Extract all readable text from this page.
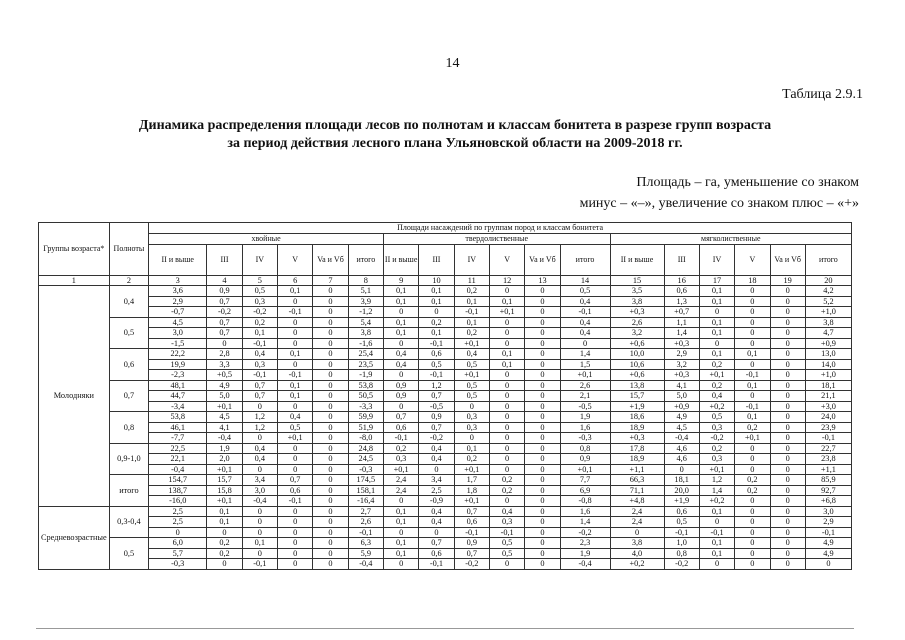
14
Таблица 2.9.1
Динамика распределения площади лесов по полнотам и классам бонитета в разрезе групп возраста
за период действия лесного плана Ульяновской области на 2009-2018 гг.
Площадь – га, уменьшение со знаком
минус – «–», увеличение со знаком плюс – «+»
Группы возраста*	Полноты	Площади насаждений по группам пород и классам бонитета																	
		хвойные						твердолиственные						мягколиственные					
		II и выше	III	IV	V	Va и Vб	итого	II и выше	III	IV	V	Va и Vб	итого	II и выше	III	IV	V	Va и Vб	итого
1	2	3	4	5	6	7	8	9	10	11	12	13	14	15	16	17	18	19	20
Молодняки	0,4	3,6	0,9	0,5	0,1	0	5,1	0,1	0,1	0,2	0	0	0,5	3,5	0,6	0,1	0	0	4,2
		2,9	0,7	0,3	0	0	3,9	0,1	0,1	0,1	0,1	0	0,4	3,8	1,3	0,1	0	0	5,2
		-0,7	-0,2	-0,2	-0,1	0	-1,2	0	0	-0,1	+0,1	0	-0,1	+0,3	+0,7	0	0	0	+1,0
	0,5	4,5	0,7	0,2	0	0	5,4	0,1	0,2	0,1	0	0	0,4	2,6	1,1	0,1	0	0	3,8
		3,0	0,7	0,1	0	0	3,8	0,1	0,1	0,2	0	0	0,4	3,2	1,4	0,1	0	0	4,7
		-1,5	0	-0,1	0	0	-1,6	0	-0,1	+0,1	0	0	0	+0,6	+0,3	0	0	0	+0,9
	0,6	22,2	2,8	0,4	0,1	0	25,4	0,4	0,6	0,4	0,1	0	1,4	10,0	2,9	0,1	0,1	0	13,0
		19,9	3,3	0,3	0	0	23,5	0,4	0,5	0,5	0,1	0	1,5	10,6	3,2	0,2	0	0	14,0
		-2,3	+0,5	-0,1	-0,1	0	-1,9	0	-0,1	+0,1	0	0	+0,1	+0,6	+0,3	+0,1	-0,1	0	+1,0
	0,7	48,1	4,9	0,7	0,1	0	53,8	0,9	1,2	0,5	0	0	2,6	13,8	4,1	0,2	0,1	0	18,1
		44,7	5,0	0,7	0,1	0	50,5	0,9	0,7	0,5	0	0	2,1	15,7	5,0	0,4	0	0	21,1
		-3,4	+0,1	0	0	0	-3,3	0	-0,5	0	0	0	-0,5	+1,9	+0,9	+0,2	-0,1	0	+3,0
	0,8	53,8	4,5	1,2	0,4	0	59,9	0,7	0,9	0,3	0	0	1,9	18,6	4,9	0,5	0,1	0	24,0
		46,1	4,1	1,2	0,5	0	51,9	0,6	0,7	0,3	0	0	1,6	18,9	4,5	0,3	0,2	0	23,9
		-7,7	-0,4	0	+0,1	0	-8,0	-0,1	-0,2	0	0	0	-0,3	+0,3	-0,4	-0,2	+0,1	0	-0,1
	0,9-1,0	22,5	1,9	0,4	0	0	24,8	0,2	0,4	0,1	0	0	0,8	17,8	4,6	0,2	0	0	22,7
		22,1	2,0	0,4	0	0	24,5	0,3	0,4	0,2	0	0	0,9	18,9	4,6	0,3	0	0	23,8
		-0,4	+0,1	0	0	0	-0,3	+0,1	0	+0,1	0	0	+0,1	+1,1	0	+0,1	0	0	+1,1
	итого	154,7	15,7	3,4	0,7	0	174,5	2,4	3,4	1,7	0,2	0	7,7	66,3	18,1	1,2	0,2	0	85,9
		138,7	15,8	3,0	0,6	0	158,1	2,4	2,5	1,8	0,2	0	6,9	71,1	20,0	1,4	0,2	0	92,7
		-16,0	+0,1	-0,4	-0,1	0	-16,4	0	-0,9	+0,1	0	0	-0,8	+4,8	+1,9	+0,2	0	0	+6,8
Средневозрастные	0,3-0,4	2,5	0,1	0	0	0	2,7	0,1	0,4	0,7	0,4	0	1,6	2,4	0,6	0,1	0	0	3,0
		2,5	0,1	0	0	0	2,6	0,1	0,4	0,6	0,3	0	1,4	2,4	0,5	0	0	0	2,9
		0	0	0	0	0	-0,1	0	0	-0,1	-0,1	0	-0,2	0	-0,1	-0,1	0	0	-0,1
	0,5	6,0	0,2	0,1	0	0	6,3	0,1	0,7	0,9	0,5	0	2,3	3,8	1,0	0,1	0	0	4,9
		5,7	0,2	0	0	0	5,9	0,1	0,6	0,7	0,5	0	1,9	4,0	0,8	0,1	0	0	4,9
		-0,3	0	-0,1	0	0	-0,4	0	-0,1	-0,2	0	0	-0,4	+0,2	-0,2	0	0	0	0
